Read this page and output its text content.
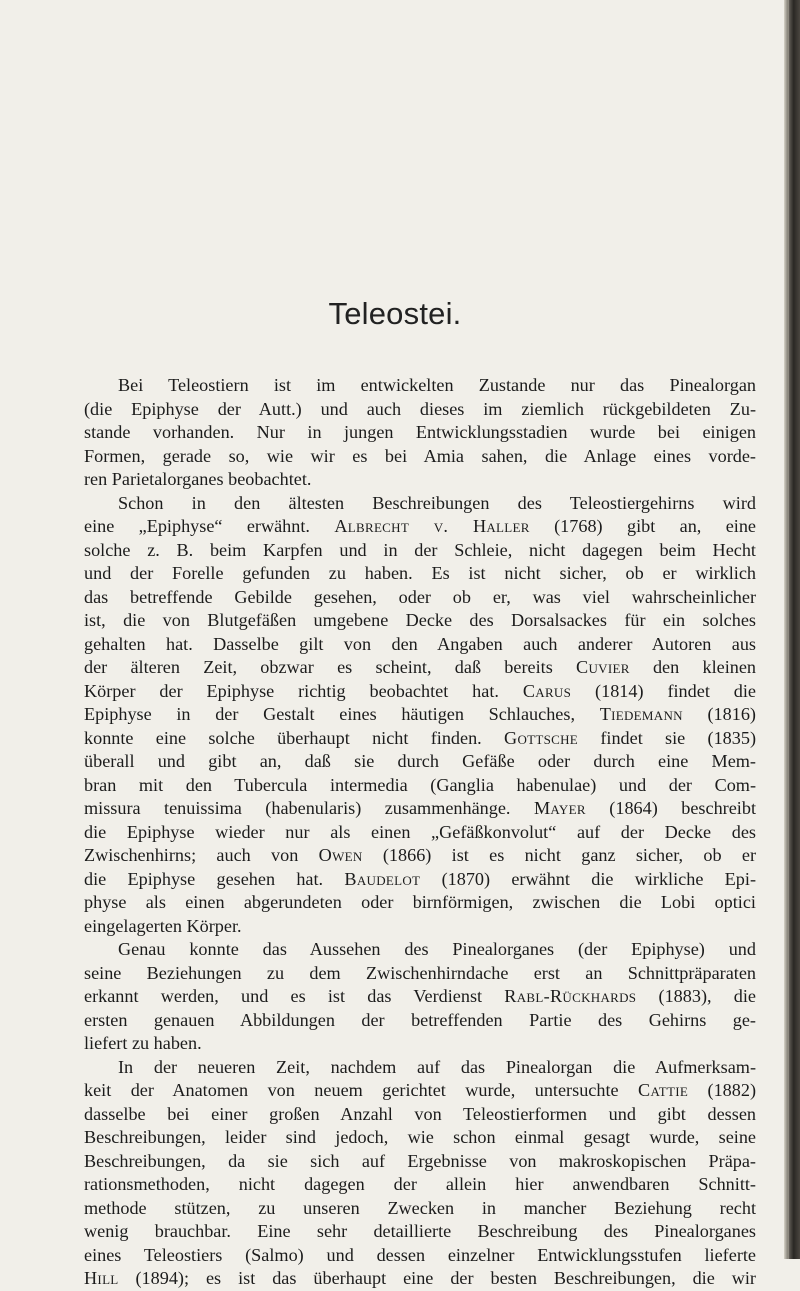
Teleostei.
Bei Teleostiern ist im entwickelten Zustande nur das Pinealorgan
(die Epiphyse der Autt.) und auch dieses im ziemlich rückgebildeten Zu-
stande vorhanden. Nur in jungen Entwicklungsstadien wurde bei einigen
Formen, gerade so, wie wir es bei Amia sahen, die Anlage eines vorde-
ren Parietalorganes beobachtet.
Schon in den ältesten Beschreibungen des Teleostiergehirns wird
eine „Epiphyse“ erwähnt. Albrecht v. Haller (1768) gibt an, eine
solche z. B. beim Karpfen und in der Schleie, nicht dagegen beim Hecht
und der Forelle gefunden zu haben. Es ist nicht sicher, ob er wirklich
das betreffende Gebilde gesehen, oder ob er, was viel wahrscheinlicher
ist, die von Blutgefäßen umgebene Decke des Dorsalsackes für ein solches
gehalten hat. Dasselbe gilt von den Angaben auch anderer Autoren aus
der älteren Zeit, obzwar es scheint, daß bereits Cuvier den kleinen
Körper der Epiphyse richtig beobachtet hat. Carus (1814) findet die
Epiphyse in der Gestalt eines häutigen Schlauches, Tiedemann (1816)
konnte eine solche überhaupt nicht finden. Gottsche findet sie (1835)
überall und gibt an, daß sie durch Gefäße oder durch eine Mem-
bran mit den Tubercula intermedia (Ganglia habenulae) und der Com-
missura tenuissima (habenularis) zusammenhänge. Mayer (1864) beschreibt
die Epiphyse wieder nur als einen „Gefäßkonvolut“ auf der Decke des
Zwischenhirns; auch von Owen (1866) ist es nicht ganz sicher, ob er
die Epiphyse gesehen hat. Baudelot (1870) erwähnt die wirkliche Epi-
physe als einen abgerundeten oder birnförmigen, zwischen die Lobi optici
eingelagerten Körper.
Genau konnte das Aussehen des Pinealorganes (der Epiphyse) und
seine Beziehungen zu dem Zwischenhirndache erst an Schnittpräparaten
erkannt werden, und es ist das Verdienst Rabl-Rückhards (1883), die
ersten genauen Abbildungen der betreffenden Partie des Gehirns ge-
liefert zu haben.
In der neueren Zeit, nachdem auf das Pinealorgan die Aufmerksam-
keit der Anatomen von neuem gerichtet wurde, untersuchte Cattie (1882)
dasselbe bei einer großen Anzahl von Teleostierformen und gibt dessen
Beschreibungen, leider sind jedoch, wie schon einmal gesagt wurde, seine
Beschreibungen, da sie sich auf Ergebnisse von makroskopischen Präpa-
rationsmethoden, nicht dagegen der allein hier anwendbaren Schnitt-
methode stützen, zu unseren Zwecken in mancher Beziehung recht
wenig brauchbar. Eine sehr detaillierte Beschreibung des Pinealorganes
eines Teleostiers (Salmo) und dessen einzelner Entwicklungsstufen lieferte
Hill (1894); es ist das überhaupt eine der besten Beschreibungen, die wir
